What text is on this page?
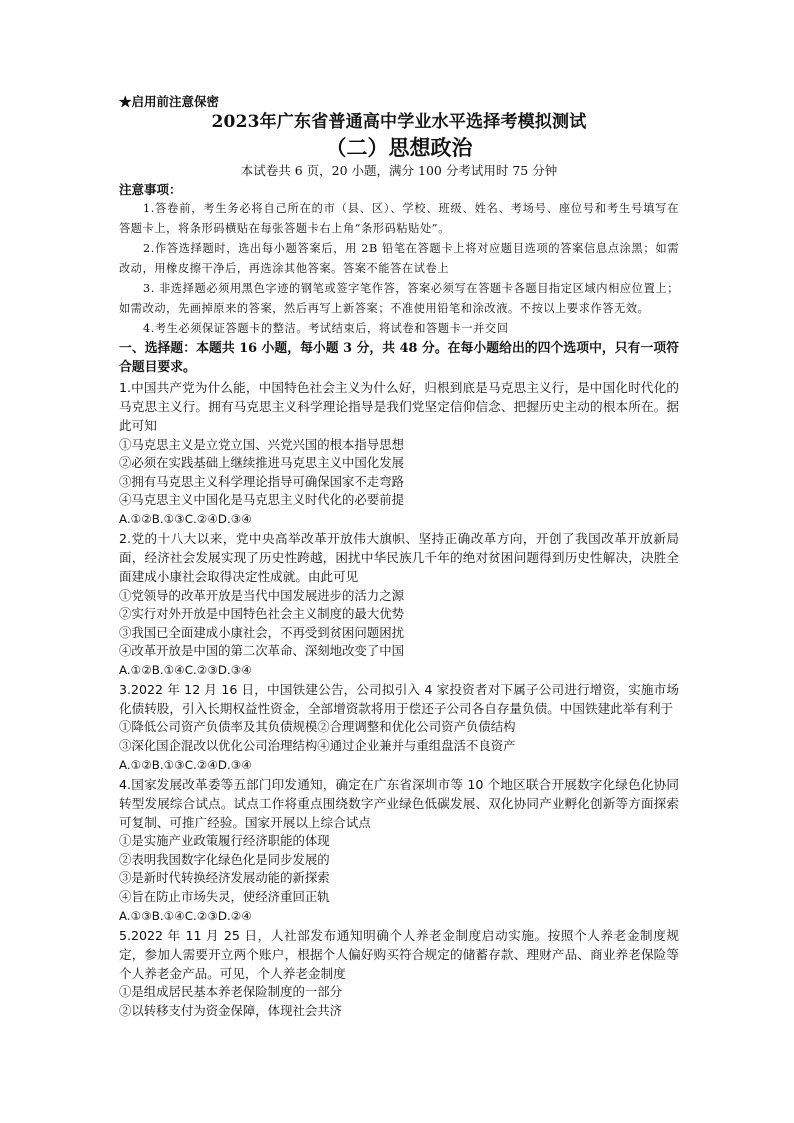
★启用前注意保密
2023年广东省普通高中学业水平选择考模拟测试
（二）思想政治
本试卷共 6 页，20 小题，满分 100 分考试用时 75 分钟
注意事项：
1.答卷前，考生务必将自己所在的市（县、区）、学校、班级、姓名、考场号、座位号和考生号填写在答题卡上，将条形码横贴在每张答题卡右上角“条形码粘贴处”。
2.作答选择题时，选出每小题答案后，用 2B 铅笔在答题卡上将对应题目选项的答案信息点涂黑；如需改动，用橡皮擦干净后，再选涂其他答案。答案不能答在试卷上
3. 非选择题必须用黑色字迹的钢笔或签字笔作答，答案必须写在答题卡各题目指定区域内相应位置上；如需改动，先画掉原来的答案，然后再写上新答案；不准使用铅笔和涂改液。不按以上要求作答无效。
4.考生必须保证答题卡的整洁。考试结束后，将试卷和答题卡一并交回
一、选择题：本题共 16 小题，每小题 3 分，共 48 分。在每小题给出的四个选项中，只有一项符合题目要求。
1.中国共产党为什么能，中国特色社会主义为什么好，归根到底是马克思主义行，是中国化时代化的马克思主义行。拥有马克思主义科学理论指导是我们党坚定信仰信念、把握历史主动的根本所在。据此可知
①马克思主义是立党立国、兴党兴国的根本指导思想
②必须在实践基础上继续推进马克思主义中国化发展
③拥有马克思主义科学理论指导可确保国家不走弯路
④马克思主义中国化是马克思主义时代化的必要前提
A.①②B.①③C.②④D.③④
2.党的十八大以来，党中央高举改革开放伟大旗帜、坚持正确改革方向，开创了我国改革开放新局面，经济社会发展实现了历史性跨越，困扰中华民族几千年的绝对贫困问题得到历史性解决，决胜全面建成小康社会取得决定性成就。由此可见
①党领导的改革开放是当代中国发展进步的活力之源
②实行对外开放是中国特色社会主义制度的最大优势
③我国已全面建成小康社会，不再受到贫困问题困扰
④改革开放是中国的第二次革命、深刻地改变了中国
A.①②B.①④C.②③D.③④
3.2022 年 12 月 16 日，中国铁建公告，公司拟引入 4 家投资者对下属子公司进行增资，实施市场化债转股，引入长期权益性资金，全部增资款将用于偿还子公司各自存量负债。中国铁建此举有利于
①降低公司资产负债率及其负债规模②合理调整和优化公司资产负债结构
③深化国企混改以优化公司治理结构④通过企业兼并与重组盘活不良资产
A.①②B.①③C.②④D.③④
4.国家发展改革委等五部门印发通知，确定在广东省深圳市等 10 个地区联合开展数字化绿色化协同转型发展综合试点。试点工作将重点围绕数字产业绿色低碳发展、双化协同产业孵化创新等方面探索可复制、可推广经验。国家开展以上综合试点
①是实施产业政策履行经济职能的体现
②表明我国数字化绿色化是同步发展的
③是新时代转换经济发展动能的新探索
④旨在防止市场失灵，使经济重回正轨
A.①③B.①④C.②③D.②④
5.2022 年 11 月 25 日，人社部发布通知明确个人养老金制度启动实施。按照个人养老金制度规定，参加人需要开立两个账户，根据个人偏好购买符合规定的储蓄存款、理财产品、商业养老保险等个人养老金产品。可见，个人养老金制度
①是组成居民基本养老保险制度的一部分
②以转移支付为资金保障，体现社会共济
